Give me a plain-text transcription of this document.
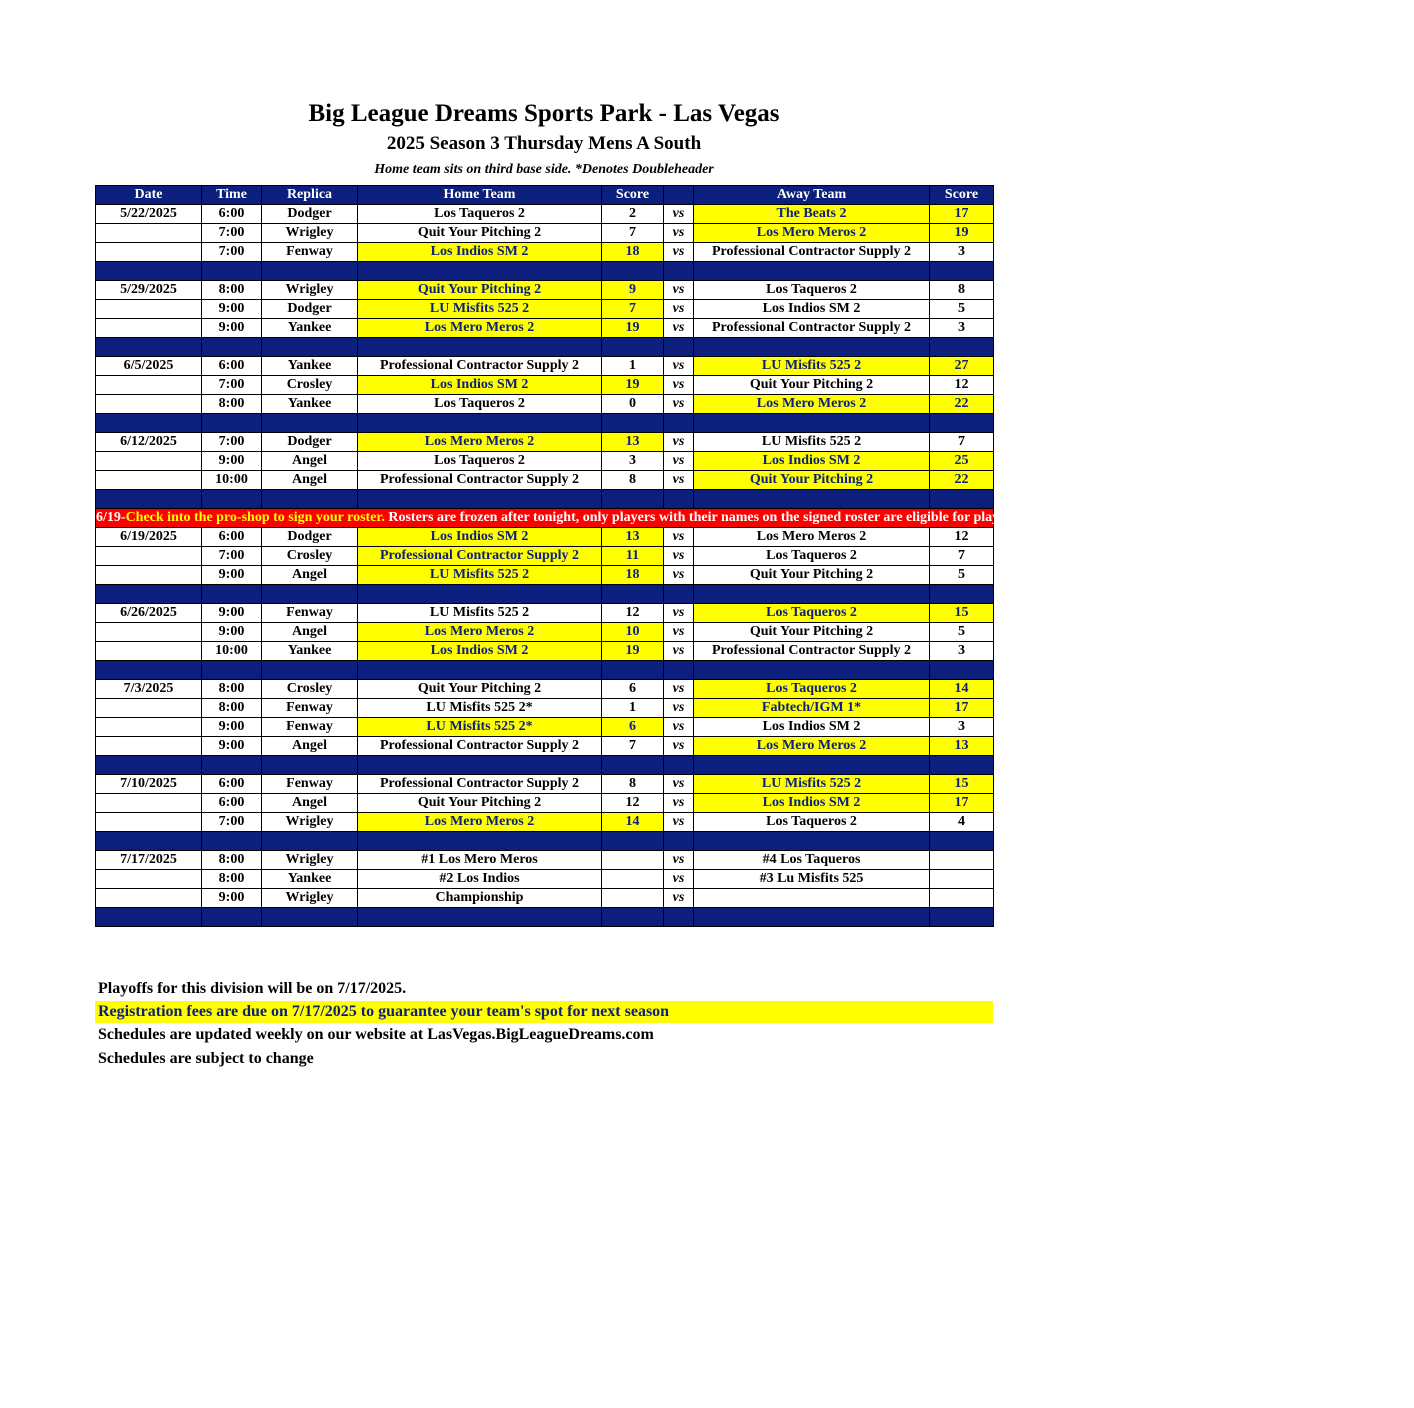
Big League Dreams Sports Park - Las Vegas
2025 Season 3 Thursday Mens A South
Home team sits on third base side. *Denotes Doubleheader
Date	Time	Replica	Home Team	Score		Away Team	Score
5/22/2025	6:00	Dodger	Los Taqueros 2	2	vs	The Beats 2	17
	7:00	Wrigley	Quit Your Pitching 2	7	vs	Los Mero Meros 2	19
	7:00	Fenway	Los Indios SM 2	18	vs	Professional Contractor Supply 2	3

5/29/2025	8:00	Wrigley	Quit Your Pitching 2	9	vs	Los Taqueros 2	8
	9:00	Dodger	LU Misfits 525 2	7	vs	Los Indios SM 2	5
	9:00	Yankee	Los Mero Meros 2	19	vs	Professional Contractor Supply 2	3

6/5/2025	6:00	Yankee	Professional Contractor Supply 2	1	vs	LU Misfits 525 2	27
	7:00	Crosley	Los Indios SM 2	19	vs	Quit Your Pitching 2	12
	8:00	Yankee	Los Taqueros 2	0	vs	Los Mero Meros 2	22

6/12/2025	7:00	Dodger	Los Mero Meros 2	13	vs	LU Misfits 525 2	7
	9:00	Angel	Los Taqueros 2	3	vs	Los Indios SM 2	25
	10:00	Angel	Professional Contractor Supply 2	8	vs	Quit Your Pitching 2	22

6/19-Check into the pro-shop to sign your roster. Rosters are frozen after tonight, only players with their names on the signed roster are eligible for playoffs. Please check carefully as changes will not be made for omissions.							
6/19/2025	6:00	Dodger	Los Indios SM 2	13	vs	Los Mero Meros 2	12
	7:00	Crosley	Professional Contractor Supply 2	11	vs	Los Taqueros 2	7
	9:00	Angel	LU Misfits 525 2	18	vs	Quit Your Pitching 2	5

6/26/2025	9:00	Fenway	LU Misfits 525 2	12	vs	Los Taqueros 2	15
	9:00	Angel	Los Mero Meros 2	10	vs	Quit Your Pitching 2	5
	10:00	Yankee	Los Indios SM 2	19	vs	Professional Contractor Supply 2	3

7/3/2025	8:00	Crosley	Quit Your Pitching 2	6	vs	Los Taqueros 2	14
	8:00	Fenway	LU Misfits 525 2*	1	vs	Fabtech/IGM 1*	17
	9:00	Fenway	LU Misfits 525 2*	6	vs	Los Indios SM 2	3
	9:00	Angel	Professional Contractor Supply 2	7	vs	Los Mero Meros 2	13

7/10/2025	6:00	Fenway	Professional Contractor Supply 2	8	vs	LU Misfits 525 2	15
	6:00	Angel	Quit Your Pitching 2	12	vs	Los Indios SM 2	17
	7:00	Wrigley	Los Mero Meros 2	14	vs	Los Taqueros 2	4

7/17/2025	8:00	Wrigley	#1 Los Mero Meros		vs	#4 Los Taqueros	
	8:00	Yankee	#2 Los Indios		vs	#3 Lu Misfits 525	
	9:00	Wrigley	Championship		vs		

Playoffs for this division will be on 7/17/2025.
Registration fees are due on 7/17/2025 to guarantee your team's spot for next season
Schedules are updated weekly on our website at LasVegas.BigLeagueDreams.com
Schedules are subject to change
